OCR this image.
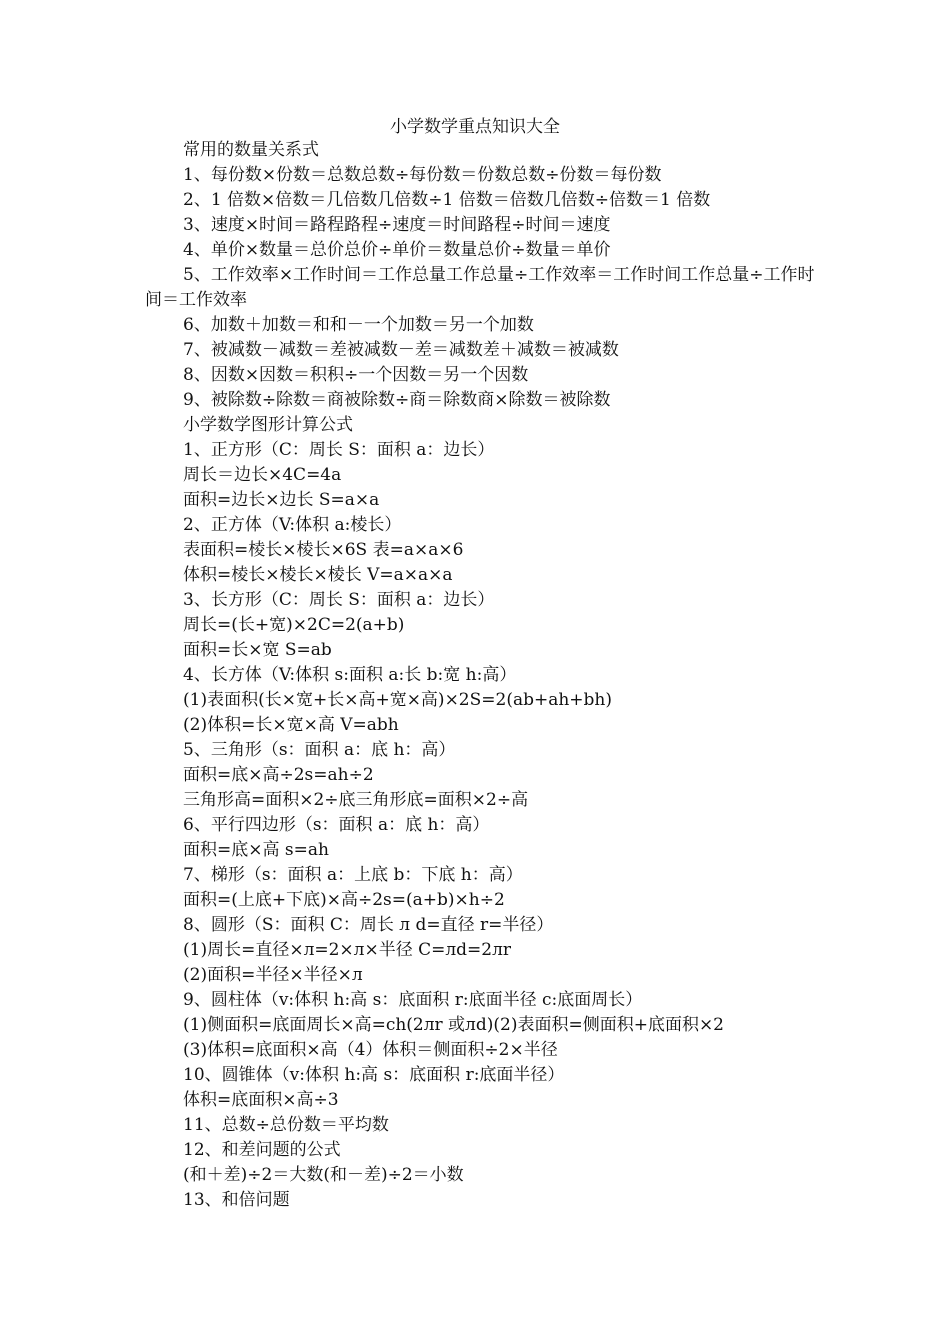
小学数学重点知识大全
常用的数量关系式
1、每份数×份数＝总数总数÷每份数＝份数总数÷份数＝每份数
2、1 倍数×倍数＝几倍数几倍数÷1 倍数＝倍数几倍数÷倍数＝1 倍数
3、速度×时间＝路程路程÷速度＝时间路程÷时间＝速度
4、单价×数量＝总价总价÷单价＝数量总价÷数量＝单价
5、工作效率×工作时间＝工作总量工作总量÷工作效率＝工作时间工作总量÷工作时间＝工作效率
6、加数＋加数＝和和－一个加数＝另一个加数
7、被减数－减数＝差被减数－差＝减数差＋减数＝被减数
8、因数×因数＝积积÷一个因数＝另一个因数
9、被除数÷除数＝商被除数÷商＝除数商×除数＝被除数
小学数学图形计算公式
1、正方形（C：周长 S：面积 a：边长）
周长＝边长×4C=4a
面积=边长×边长 S=a×a
2、正方体（V:体积 a:棱长）
表面积=棱长×棱长×6S 表=a×a×6
体积=棱长×棱长×棱长 V=a×a×a
3、长方形（C：周长 S：面积 a：边长）
周长=(长+宽)×2C=2(a+b)
面积=长×宽 S=ab
4、长方体（V:体积 s:面积 a:长 b:宽 h:高）
(1)表面积(长×宽+长×高+宽×高)×2S=2(ab+ah+bh)
(2)体积=长×宽×高 V=abh
5、三角形（s：面积 a：底 h：高）
面积=底×高÷2s=ah÷2
三角形高=面积×2÷底三角形底=面积×2÷高
6、平行四边形（s：面积 a：底 h：高）
面积=底×高 s=ah
7、梯形（s：面积 a：上底 b：下底 h：高）
面积=(上底+下底)×高÷2s=(a+b)×h÷2
8、圆形（S：面积 C：周长 л d=直径 r=半径）
(1)周长=直径×л=2×л×半径 C=лd=2лr
(2)面积=半径×半径×л
9、圆柱体（v:体积 h:高 s：底面积 r:底面半径 c:底面周长）
(1)侧面积=底面周长×高=ch(2лr 或лd)(2)表面积=侧面积+底面积×2
(3)体积=底面积×高（4）体积＝侧面积÷2×半径
10、圆锥体（v:体积 h:高 s：底面积 r:底面半径）
体积=底面积×高÷3
11、总数÷总份数＝平均数
12、和差问题的公式
(和＋差)÷2＝大数(和－差)÷2＝小数
13、和倍问题
